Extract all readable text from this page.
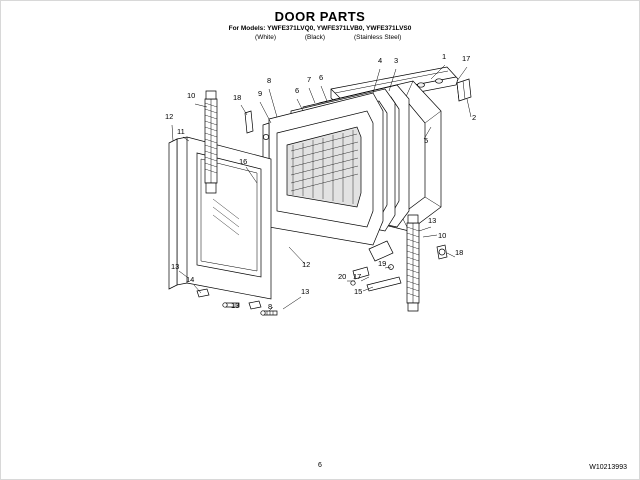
DOOR PARTS
For Models: YWFE371LVQ0, YWFE371LVB0, YWFE371LVS0
(White)	(Black)	(Stainless Steel)
1
2
3
4
5
6
6
7
8
9
10
10
11
12
12
13
13
13
13
14
15
16
17
17
18
18
19
20
8
6	W10213993
